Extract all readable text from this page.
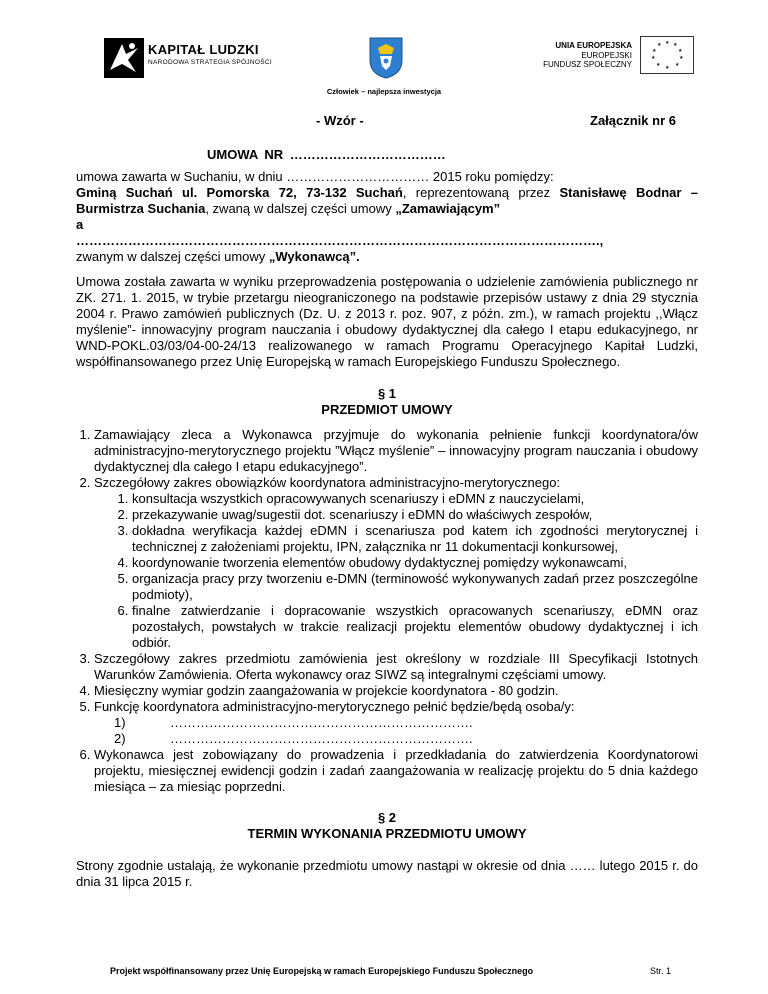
KAPITAŁ LUDZKI
NARODOWA STRATEGIA SPÓJNOŚCI
UNIA EUROPEJSKA
EUROPEJSKI
FUNDUSZ SPOŁECZNY
★ ★
★
★
★
★
★
★
★
★
Człowiek – najlepsza inwestycja
- Wzór -	Załącznik nr 6
UMOWA NR ………………………………

umowa zawarta w Suchaniu, w dniu …………………………… 2015 roku pomiędzy:

Gminą Suchań ul. Pomorska 72, 73-132 Suchań, reprezentowaną przez Stanisławę Bodnar – Burmistrza Suchania, zwaną w dalszej części umowy „Zamawiającym”

a

………………………………………………………………………………………………………….,

zwanym w dalszej części umowy „Wykonawcą”.

Umowa została zawarta w wyniku przeprowadzenia postępowania o udzielenie zamówienia publicznego nr ZK. 271. 1. 2015, w trybie przetargu nieograniczonego na podstawie przepisów ustawy z dnia 29 stycznia 2004 r. Prawo zamówień publicznych (Dz. U. z 2013 r. poz. 907, z późn. zm.), w ramach projektu ,,Włącz myślenie”- innowacyjny program nauczania i obudowy dydaktycznej dla całego I etapu edukacyjnego, nr WND-POKL.03/03/04-00-24/13 realizowanego w ramach Programu Operacyjnego Kapitał Ludzki, współfinansowanego przez Unię Europejską w ramach Europejskiego Funduszu Społecznego.

§ 1

PRZEDMIOT UMOWY

1. Zamawiający zleca a Wykonawca przyjmuje do wykonania pełnienie funkcji koordynatora/ów administracyjno-merytorycznego projektu ”Włącz myślenie” – innowacyjny program nauczania i obudowy dydaktycznej dla całego I etapu edukacyjnego”.
2. Szczegółowy zakres obowiązków koordynatora administracyjno-merytorycznego:
1. konsultacja wszystkich opracowywanych scenariuszy i eDMN z nauczycielami,
2. przekazywanie uwag/sugestii dot. scenariuszy i eDMN do właściwych zespołów,
3. dokładna weryfikacja każdej eDMN i scenariusza pod katem ich zgodności merytorycznej i technicznej z założeniami projektu, IPN, załącznika nr 11 dokumentacji konkursowej,
4. koordynowanie tworzenia elementów obudowy dydaktycznej pomiędzy wykonawcami,
5. organizacja pracy przy tworzeniu e-DMN (terminowość wykonywanych zadań przez poszczególne podmioty),
6. finalne zatwierdzanie i dopracowanie wszystkich opracowanych scenariuszy, eDMN oraz pozostałych, powstałych w trakcie realizacji projektu elementów obudowy dydaktycznej i ich odbiór.
3. Szczegółowy zakres przedmiotu zamówienia jest określony w rozdziale III Specyfikacji Istotnych Warunków Zamówienia. Oferta wykonawcy oraz SIWZ są integralnymi częściami umowy.
4. Miesięczny wymiar godzin zaangażowania w projekcie koordynatora - 80 godzin.
5. Funkcję koordynatora administracyjno-merytorycznego pełnić będzie/będą osoba/y:
1)	…………………………………………………………….
2)	…………………………………………………………….
6. Wykonawca jest zobowiązany do prowadzenia i przedkładania do zatwierdzenia Koordynatorowi projektu, miesięcznej ewidencji godzin i zadań zaangażowania w realizację projektu do 5 dnia każdego miesiąca – za miesiąc poprzedni.

§ 2

TERMIN WYKONANIA PRZEDMIOTU UMOWY

Strony zgodnie ustalają, że wykonanie przedmiotu umowy nastąpi w okresie od dnia …… lutego 2015 r. do dnia 31 lipca 2015 r.

Projekt współfinansowany przez Unię Europejską w ramach Europejskiego Funduszu Społecznego	Str. 1
